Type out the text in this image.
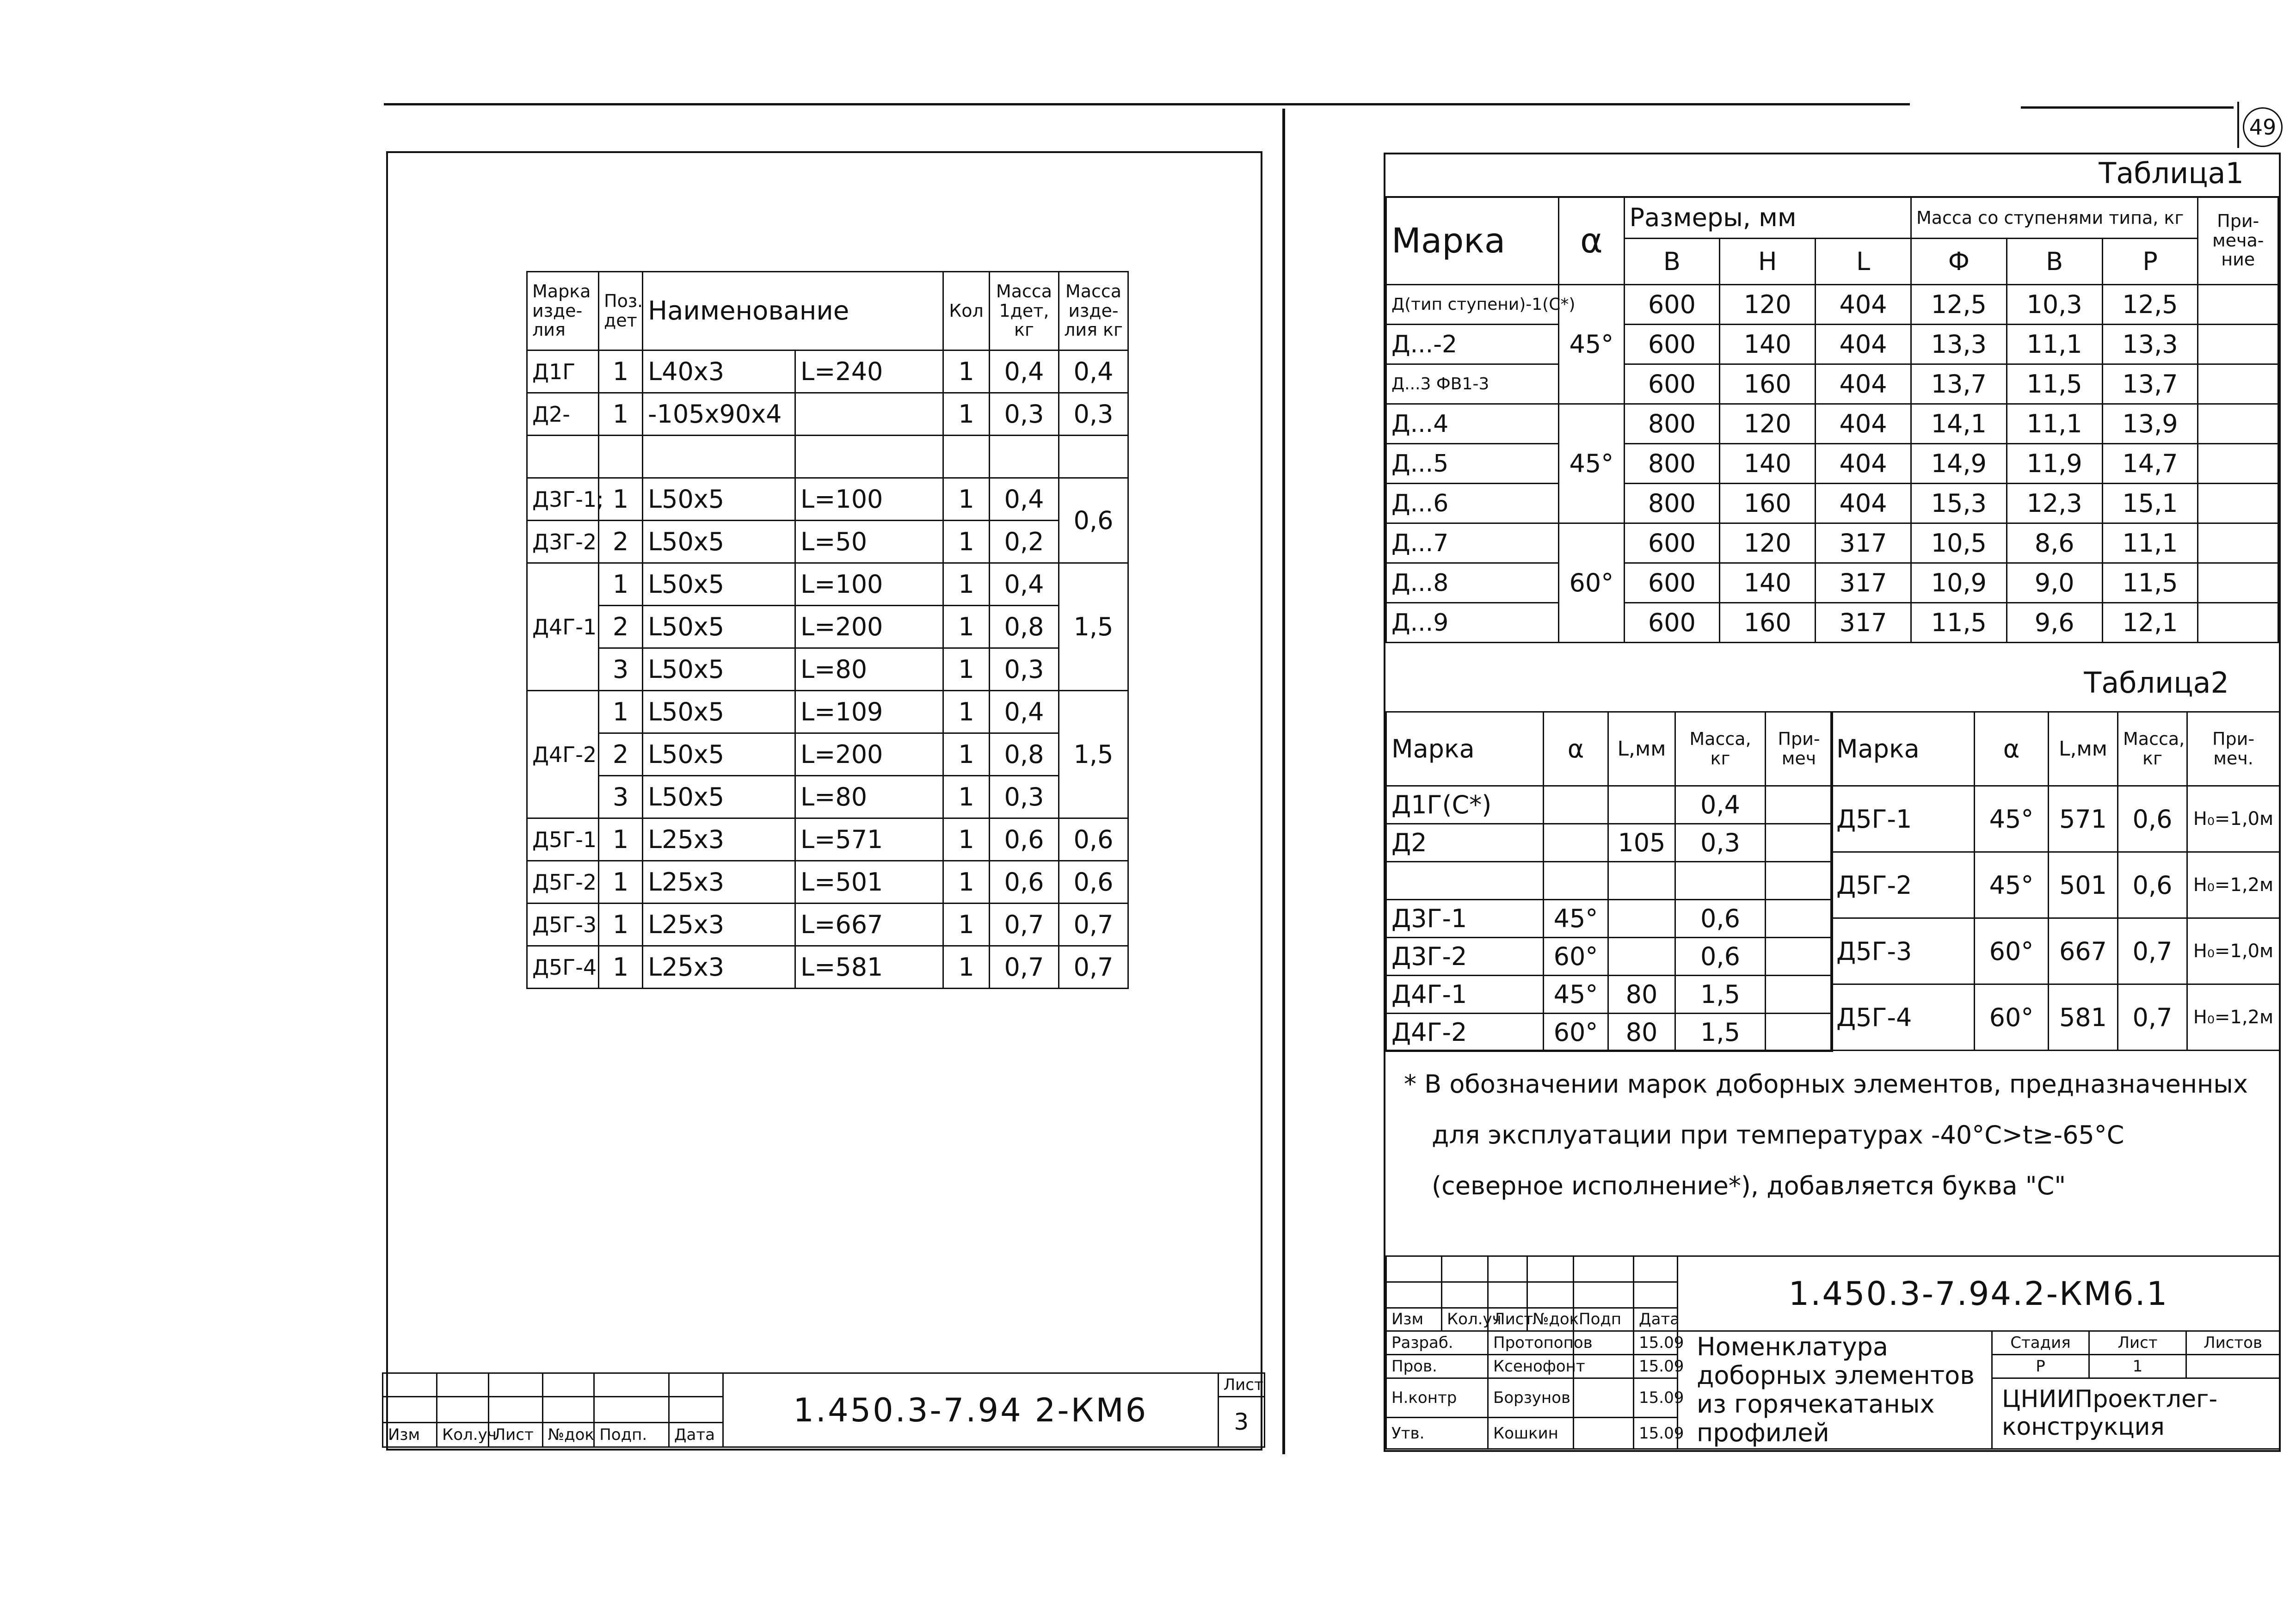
49
Марка изде-лия	Поз. дет	Наименование		Кол	Масса 1дет, кг	Масса изде-лия кг
Д1Г	1	L40x3	L=240	1	0,4	0,4
Д2-	1	-105x90x4		1	0,3	0,3

Д3Г-1;	1	L50x5	L=100	1	0,4	0,6
Д3Г-2	2	L50x5	L=50	1	0,2	
Д4Г-1	1	L50x5	L=100	1	0,4	1,5
	2	L50x5	L=200	1	0,8	
	3	L50x5	L=80	1	0,3	
Д4Г-2	1	L50x5	L=109	1	0,4	1,5
	2	L50x5	L=200	1	0,8	
	3	L50x5	L=80	1	0,3	
Д5Г-1	1	L25x3	L=571	1	0,6	0,6
Д5Г-2	1	L25x3	L=501	1	0,6	0,6
Д5Г-3	1	L25x3	L=667	1	0,7	0,7
Д5Г-4	1	L25x3	L=581	1	0,7	0,7
						1.450.3-7.94 2-КМ6	Лист
							3
Изм	Кол.уч	Лист	№док	Подп.	Дата		
Таблица1
Марка	α	Размеры, мм			Масса со ступенями типа, кг			При-меча-ние
		В	Н	L	Ф	В	Р	
Д(тип ступени)-1(С*)	45°	600	120	404	12,5	10,3	12,5	
Д...-2		600	140	404	13,3	11,1	13,3	
Д...3 ФВ1-3		600	160	404	13,7	11,5	13,7	
Д...4	45°	800	120	404	14,1	11,1	13,9	
Д...5		800	140	404	14,9	11,9	14,7	
Д...6		800	160	404	15,3	12,3	15,1	
Д...7	60°	600	120	317	10,5	8,6	11,1	
Д...8		600	140	317	10,9	9,0	11,5	
Д...9		600	160	317	11,5	9,6	12,1	
Таблица2
Марка	α	L,мм	Масса, кг	При-меч
Д1Г(С*)			0,4	
Д2		105	0,3	

Д3Г-1	45°		0,6	
Д3Г-2	60°		0,6	
Д4Г-1	45°	80	1,5	
Д4Г-2	60°	80	1,5	
Марка	α	L,мм	Масса, кг	При-меч.
Д5Г-1	45°	571	0,6	Н₀=1,0м
Д5Г-2	45°	501	0,6	Н₀=1,2м
Д5Г-3	60°	667	0,7	Н₀=1,0м
Д5Г-4	60°	581	0,7	Н₀=1,2м
* В обозначении марок доборных элементов, предназначенных
для эксплуатации при температурах -40°С>t≥-65°С
(северное исполнение*), добавляется буква "С"
						1.450.3-7.94.2-КМ6.1			

Изм	Кол.уч	Лист	№док	Подп	Дата				
Разраб.		Протопопов			15.09	Номенклатура
доборных элементов
из горячекатаных
профилей	Стадия	Лист	Листов
Пров.		Ксенофонт			15.09		Р	1	
Н.контр		Борзунов			15.09		ЦНИИПроектлег-
конструкция		

Утв.		Кошкин			15.09				
